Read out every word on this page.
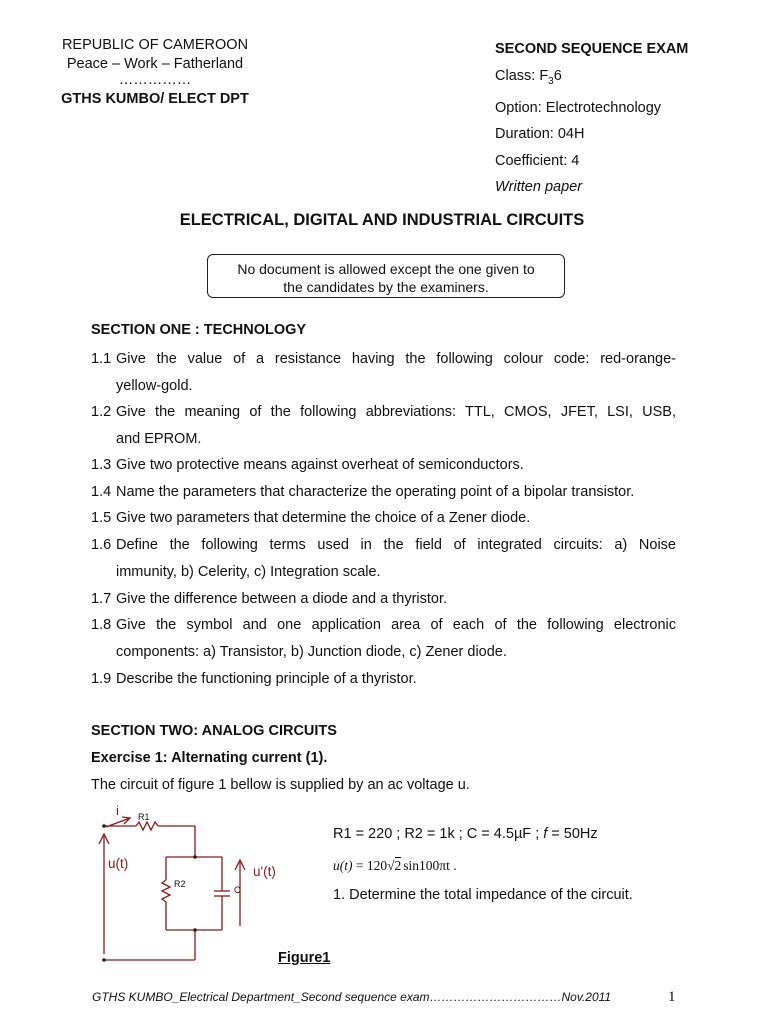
REPUBLIC OF CAMEROON
Peace – Work – Fatherland
……………
GTHS KUMBO/ ELECT DPT
SECOND SEQUENCE EXAM
Class: $F_36$
Option: Electrotechnology
Duration: 04H
Coefficient: 4
Written paper
ELECTRICAL, DIGITAL AND INDUSTRIAL CIRCUITS
No document is allowed except the one given to
the candidates by the examiners.
SECTION ONE : TECHNOLOGY
1.1 Give the value of a resistance having the following colour code: red-orange-
yellow-gold.
1.2 Give the meaning of the following abbreviations: TTL, CMOS, JFET, LSI, USB,
and EPROM.
1.3 Give two protective means against overheat of semiconductors.
1.4 Name the parameters that characterize the operating point of a bipolar transistor.
1.5 Give two parameters that determine the choice of a Zener diode.
1.6 Define the following terms used in the field of integrated circuits: a) Noise
immunity, b) Celerity, c) Integration scale.
1.7 Give the difference between a diode and a thyristor.
1.8 Give the symbol and one application area of each of the following electronic
components: a) Transistor, b) Junction diode, c) Zener diode.
1.9 Describe the functioning principle of a thyristor.
SECTION TWO: ANALOG CIRCUITS
Exercise 1: Alternating current (1).
The circuit of figure 1 bellow is supplied by an ac voltage u.
i R1
R2
C
u(t)
u'(t)
R1 = 220 ; R2 = 1k ; C = 4.5µF ; f = 50Hz
u(t) = 120√2 sin100πt .
1. Determine the total impedance of the circuit.
Figure1
GTHS KUMBO_Electrical Department_Second sequence exam……………………………Nov.2011	1
